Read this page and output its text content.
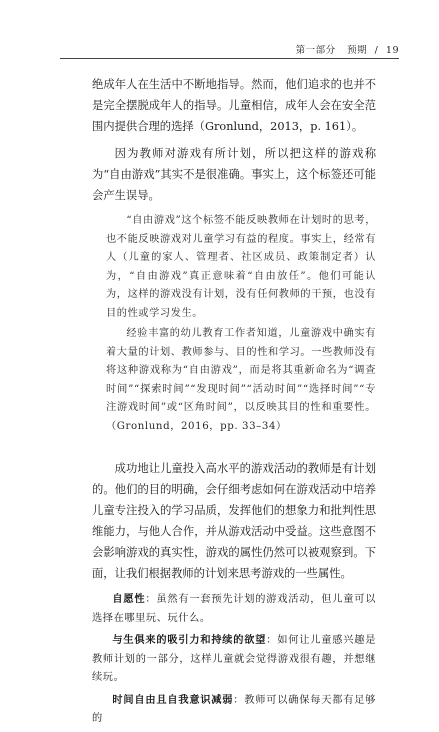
第一部分 预期 / 19

绝成年人在生活中不断地指导。然而，他们追求的也并不是完全摆脱成年人的指导。儿童相信，成年人会在安全范围内提供合理的选择（Gronlund，2013，p. 161）。

因为教师对游戏有所计划，所以把这样的游戏称为“自由游戏”其实不是很准确。事实上，这个标签还可能会产生误导。

“自由游戏”这个标签不能反映教师在计划时的思考，也不能反映游戏对儿童学习有益的程度。事实上，经常有人（儿童的家人、管理者、社区成员、政策制定者）认为，“自由游戏”真正意味着“自由放任”。他们可能认为，这样的游戏没有计划，没有任何教师的干预，也没有目的性或学习发生。

经验丰富的幼儿教育工作者知道，儿童游戏中确实有着大量的计划、教师参与、目的性和学习。一些教师没有将这种游戏称为“自由游戏”，而是将其重新命名为“调查时间”“探索时间”“发现时间”“活动时间”“选择时间”“专注游戏时间”或“区角时间”，以反映其目的性和重要性。（Gronlund，2016，pp. 33–34）

成功地让儿童投入高水平的游戏活动的教师是有计划的。他们的目的明确，会仔细考虑如何在游戏活动中培养儿童专注投入的学习品质，发挥他们的想象力和批判性思维能力，与他人合作，并从游戏活动中受益。这些意图不会影响游戏的真实性，游戏的属性仍然可以被观察到。下面，让我们根据教师的计划来思考游戏的一些属性。

自愿性：虽然有一套预先计划的游戏活动，但儿童可以选择在哪里玩、玩什么。

与生俱来的吸引力和持续的欲望：如何让儿童感兴趣是教师计划的一部分，这样儿童就会觉得游戏很有趣，并想继续玩。

时间自由且自我意识减弱：教师可以确保每天都有足够的
